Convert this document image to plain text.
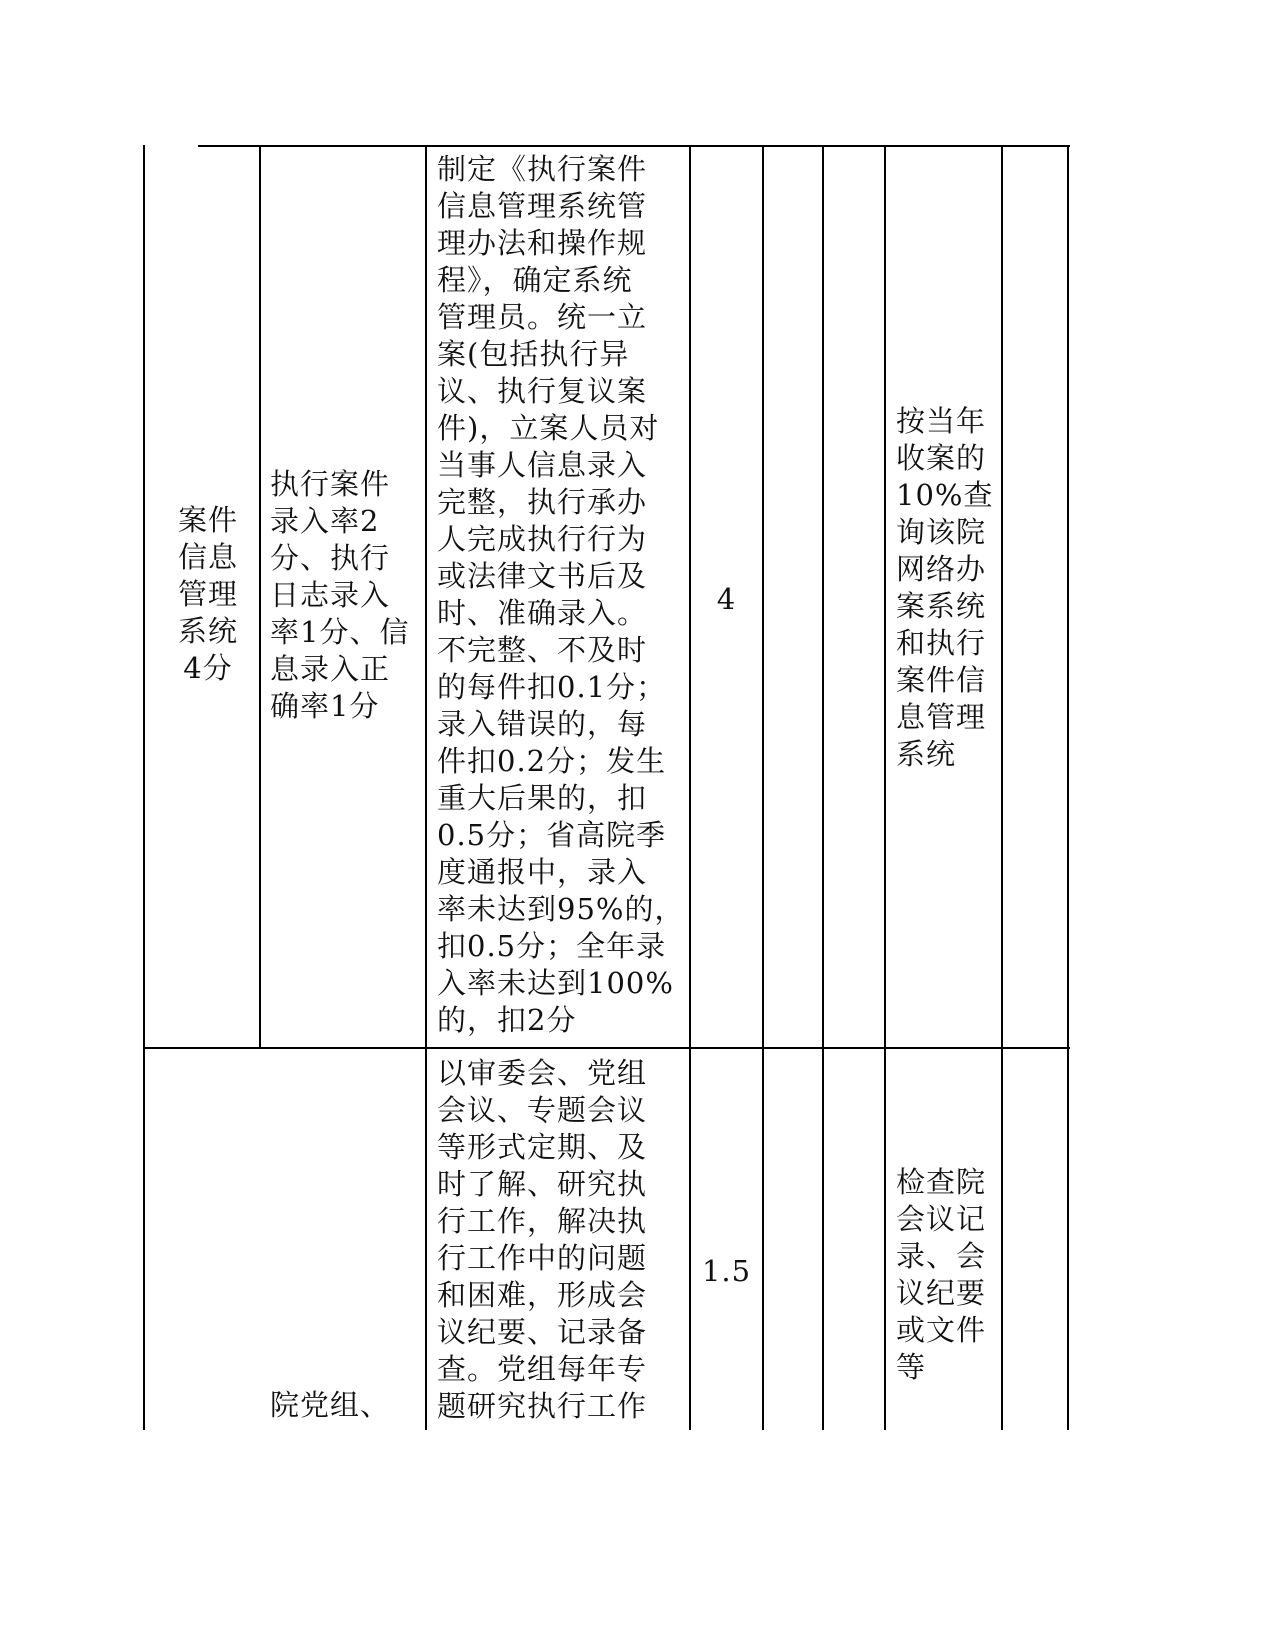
案件
信息
管理
系统
4分
执行案件
录入率2
分、执行
日志录入
率1分、信
息录入正
确率1分
制定《执行案件
信息管理系统管
理办法和操作规
程》，确定系统
管理员。统一立
案(包括执行异
议、执行复议案
件)，立案人员对
当事人信息录入
完整，执行承办
人完成执行行为
或法律文书后及
时、准确录入。
不完整、不及时
的每件扣0.1分；
录入错误的，每
件扣0.2分；发生
重大后果的，扣
0.5分；省高院季
度通报中，录入
率未达到95%的，
扣0.5分；全年录
入率未达到100%
的，扣2分
4
按当年
收案的
10%查
询该院
网络办
案系统
和执行
案件信
息管理
系统
以审委会、党组
会议、专题会议
等形式定期、及
时了解、研究执
行工作，解决执
行工作中的问题
和困难，形成会
议纪要、记录备
查。党组每年专
题研究执行工作
1.5
检查院
会议记
录、会
议纪要
或文件
等
院党组、
